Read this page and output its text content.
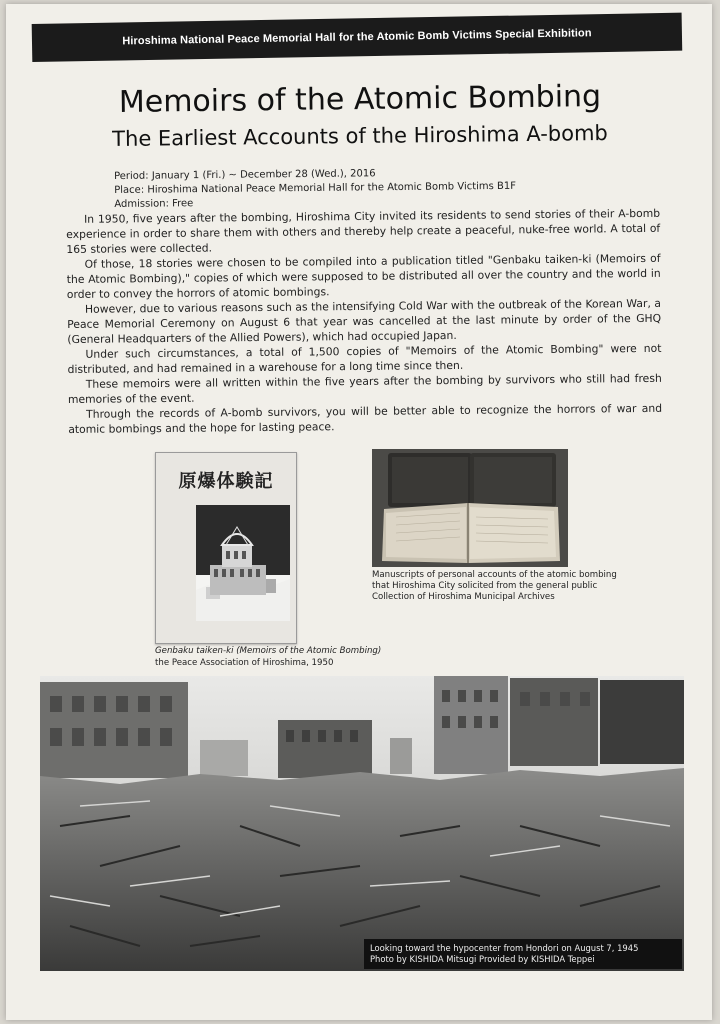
Hiroshima National Peace Memorial Hall for the Atomic Bomb Victims Special Exhibition
Memoirs of the Atomic Bombing
The Earliest Accounts of the Hiroshima A-bomb
Period: January 1 (Fri.) ~ December 28 (Wed.), 2016
Place: Hiroshima National Peace Memorial Hall for the Atomic Bomb Victims B1F
Admission: Free

In 1950, five years after the bombing, Hiroshima City invited its residents to send stories of their A-bomb experience in order to share them with others and thereby help create a peaceful, nuke-free world. A total of 165 stories were collected.

Of those, 18 stories were chosen to be compiled into a publication titled "Genbaku taiken-ki (Memoirs of the Atomic Bombing)," copies of which were supposed to be distributed all over the country and the world in order to convey the horrors of atomic bombings.

However, due to various reasons such as the intensifying Cold War with the outbreak of the Korean War, a Peace Memorial Ceremony on August 6 that year was cancelled at the last minute by order of the GHQ (General Headquarters of the Allied Powers), which had occupied Japan.

Under such circumstances, a total of 1,500 copies of "Memoirs of the Atomic Bombing" were not distributed, and had remained in a warehouse for a long time since then.

These memoirs were all written within the five years after the bombing by survivors who still had fresh memories of the event.

Through the records of A-bomb survivors, you will be better able to recognize the horrors of war and atomic bombings and the hope for lasting peace.

原爆体験記
Genbaku taiken-ki (Memoirs of the Atomic Bombing)
the Peace Association of Hiroshima, 1950
Manuscripts of personal accounts of the atomic bombing
that Hiroshima City solicited from the general public
Collection of Hiroshima Municipal Archives
Looking toward the hypocenter from Hondori on August 7, 1945
Photo by KISHIDA Mitsugi Provided by KISHIDA Teppei
